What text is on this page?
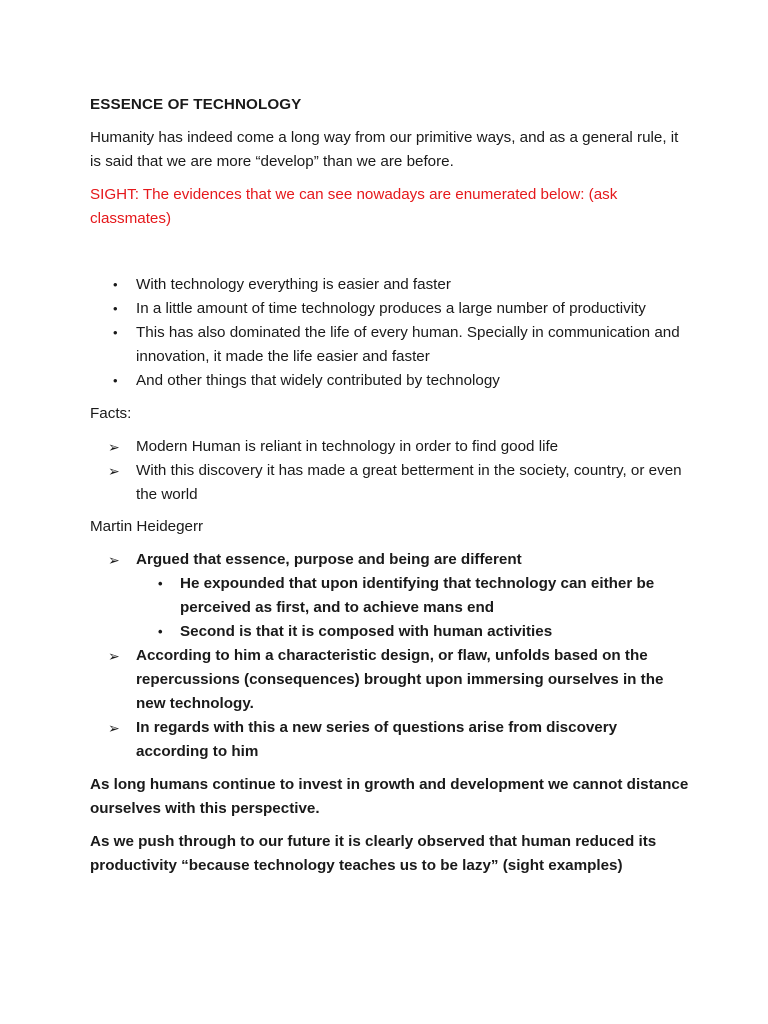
ESSENCE OF TECHNOLOGY

Humanity has indeed come a long way from our primitive ways, and as a general rule, it is said that we are more “develop” than we are before.

SIGHT: The evidences that we can see nowadays are enumerated below: (ask classmates)

• With technology everything is easier and faster
• In a little amount of time technology produces a large number of productivity
• This has also dominated the life of every human. Specially in communication and innovation, it made the life easier and faster
• And other things that widely contributed by technology

Facts:

➢ Modern Human is reliant in technology in order to find good life
➢ With this discovery it has made a great betterment in the society, country, or even the world

Martin Heidegerr

➢ Argued that essence, purpose and being are different
• He expounded that upon identifying that technology can either be perceived as first, and to achieve mans end
• Second is that it is composed with human activities
➢ According to him a characteristic design, or flaw, unfolds based on the repercussions (consequences) brought upon immersing ourselves in the new technology.
➢ In regards with this a new series of questions arise from discovery according to him

As long humans continue to invest in growth and development we cannot distance ourselves with this perspective.

As we push through to our future it is clearly observed that human reduced its productivity “because technology teaches us to be lazy” (sight examples)
